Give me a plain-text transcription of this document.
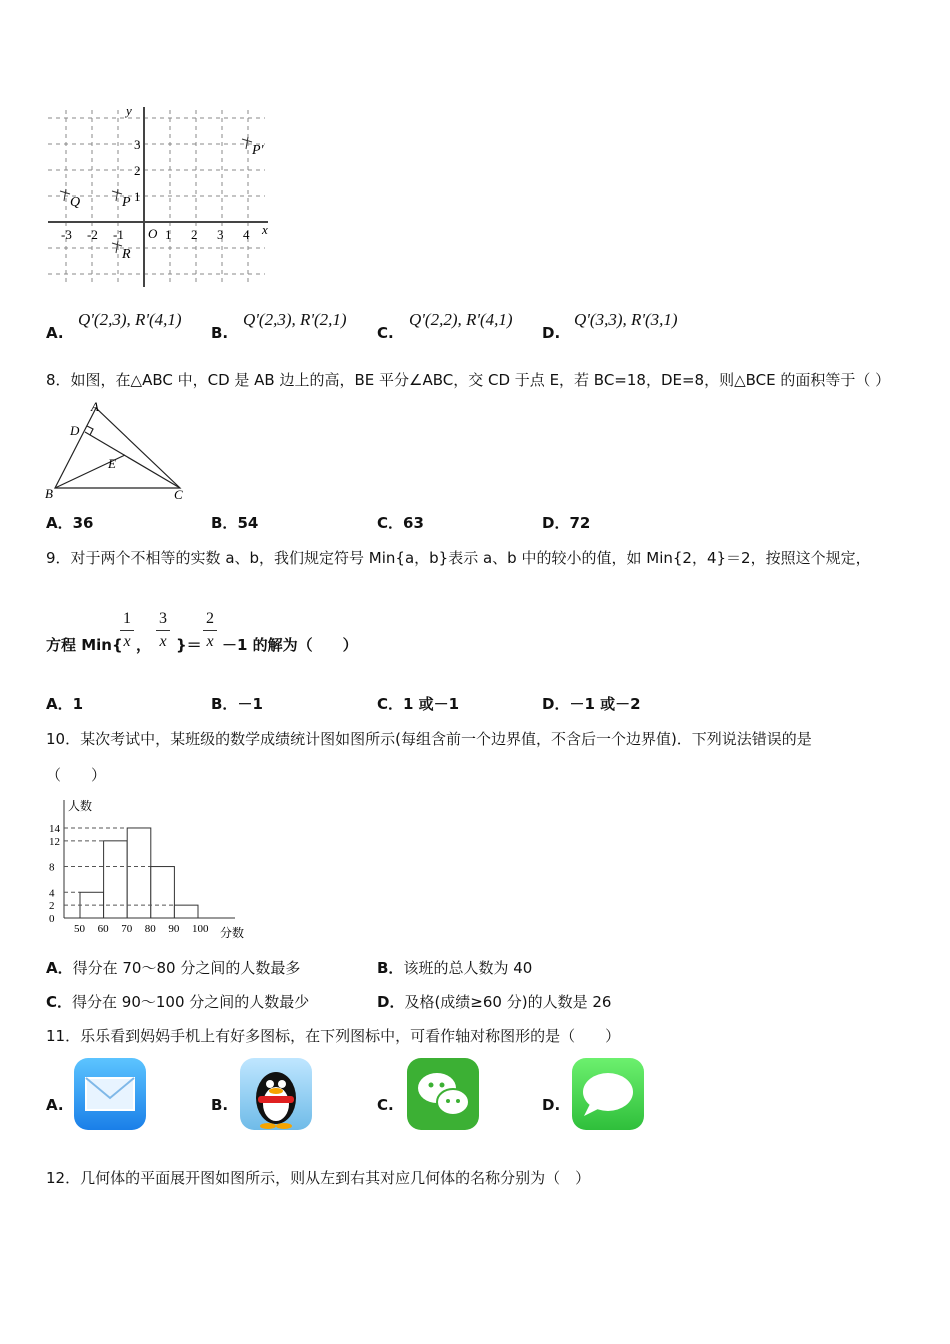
x
y
O
-3 -2 -1	1 2 3 4
1
2
3
Q	P
R
P'
A.
Q'(2,3), R'(4,1)
B.
Q'(2,3), R'(2,1)
C.
Q'(2,2), R'(4,1)
D.
Q'(3,3), R'(3,1)
8．如图，在△ABC 中，CD 是 AB 边上的高，BE 平分∠ABC，交 CD 于点 E，若 BC=18，DE=8，则△BCE 的面积等于（ ）
A
D
E
B	C
A．36	B．54	C．63	D．72
9．对于两个不相等的实数 a、b，我们规定符号 Min{a，b}表示 a、b 中的较小的值，如 Min{2，4}＝2，按照这个规定，
方程 Min{
$\frac{1}{x}$ ， $\frac{3}{x}$ }＝ $\frac{2}{x} -1$ 的解为（　　）
A．1	B．－1	C．1 或－1	D．－1 或－2
10．某次考试中，某班级的数学成绩统计图如图所示(每组含前一个边界值，不含后一个边界值)．下列说法错误的是
（　　）
0
2
4
8
12
14
50 60 70 80 90 100
人数
分数
A．得分在 70～80 分之间的人数最多	B．该班的总人数为 40
C．得分在 90～100 分之间的人数最少	D．及格(成绩≥60 分)的人数是 26
11．乐乐看到妈妈手机上有好多图标，在下列图标中，可看作轴对称图形的是（　　）
A.	B.	C.	D.
12．几何体的平面展开图如图所示，则从左到右其对应几何体的名称分别为（　）
